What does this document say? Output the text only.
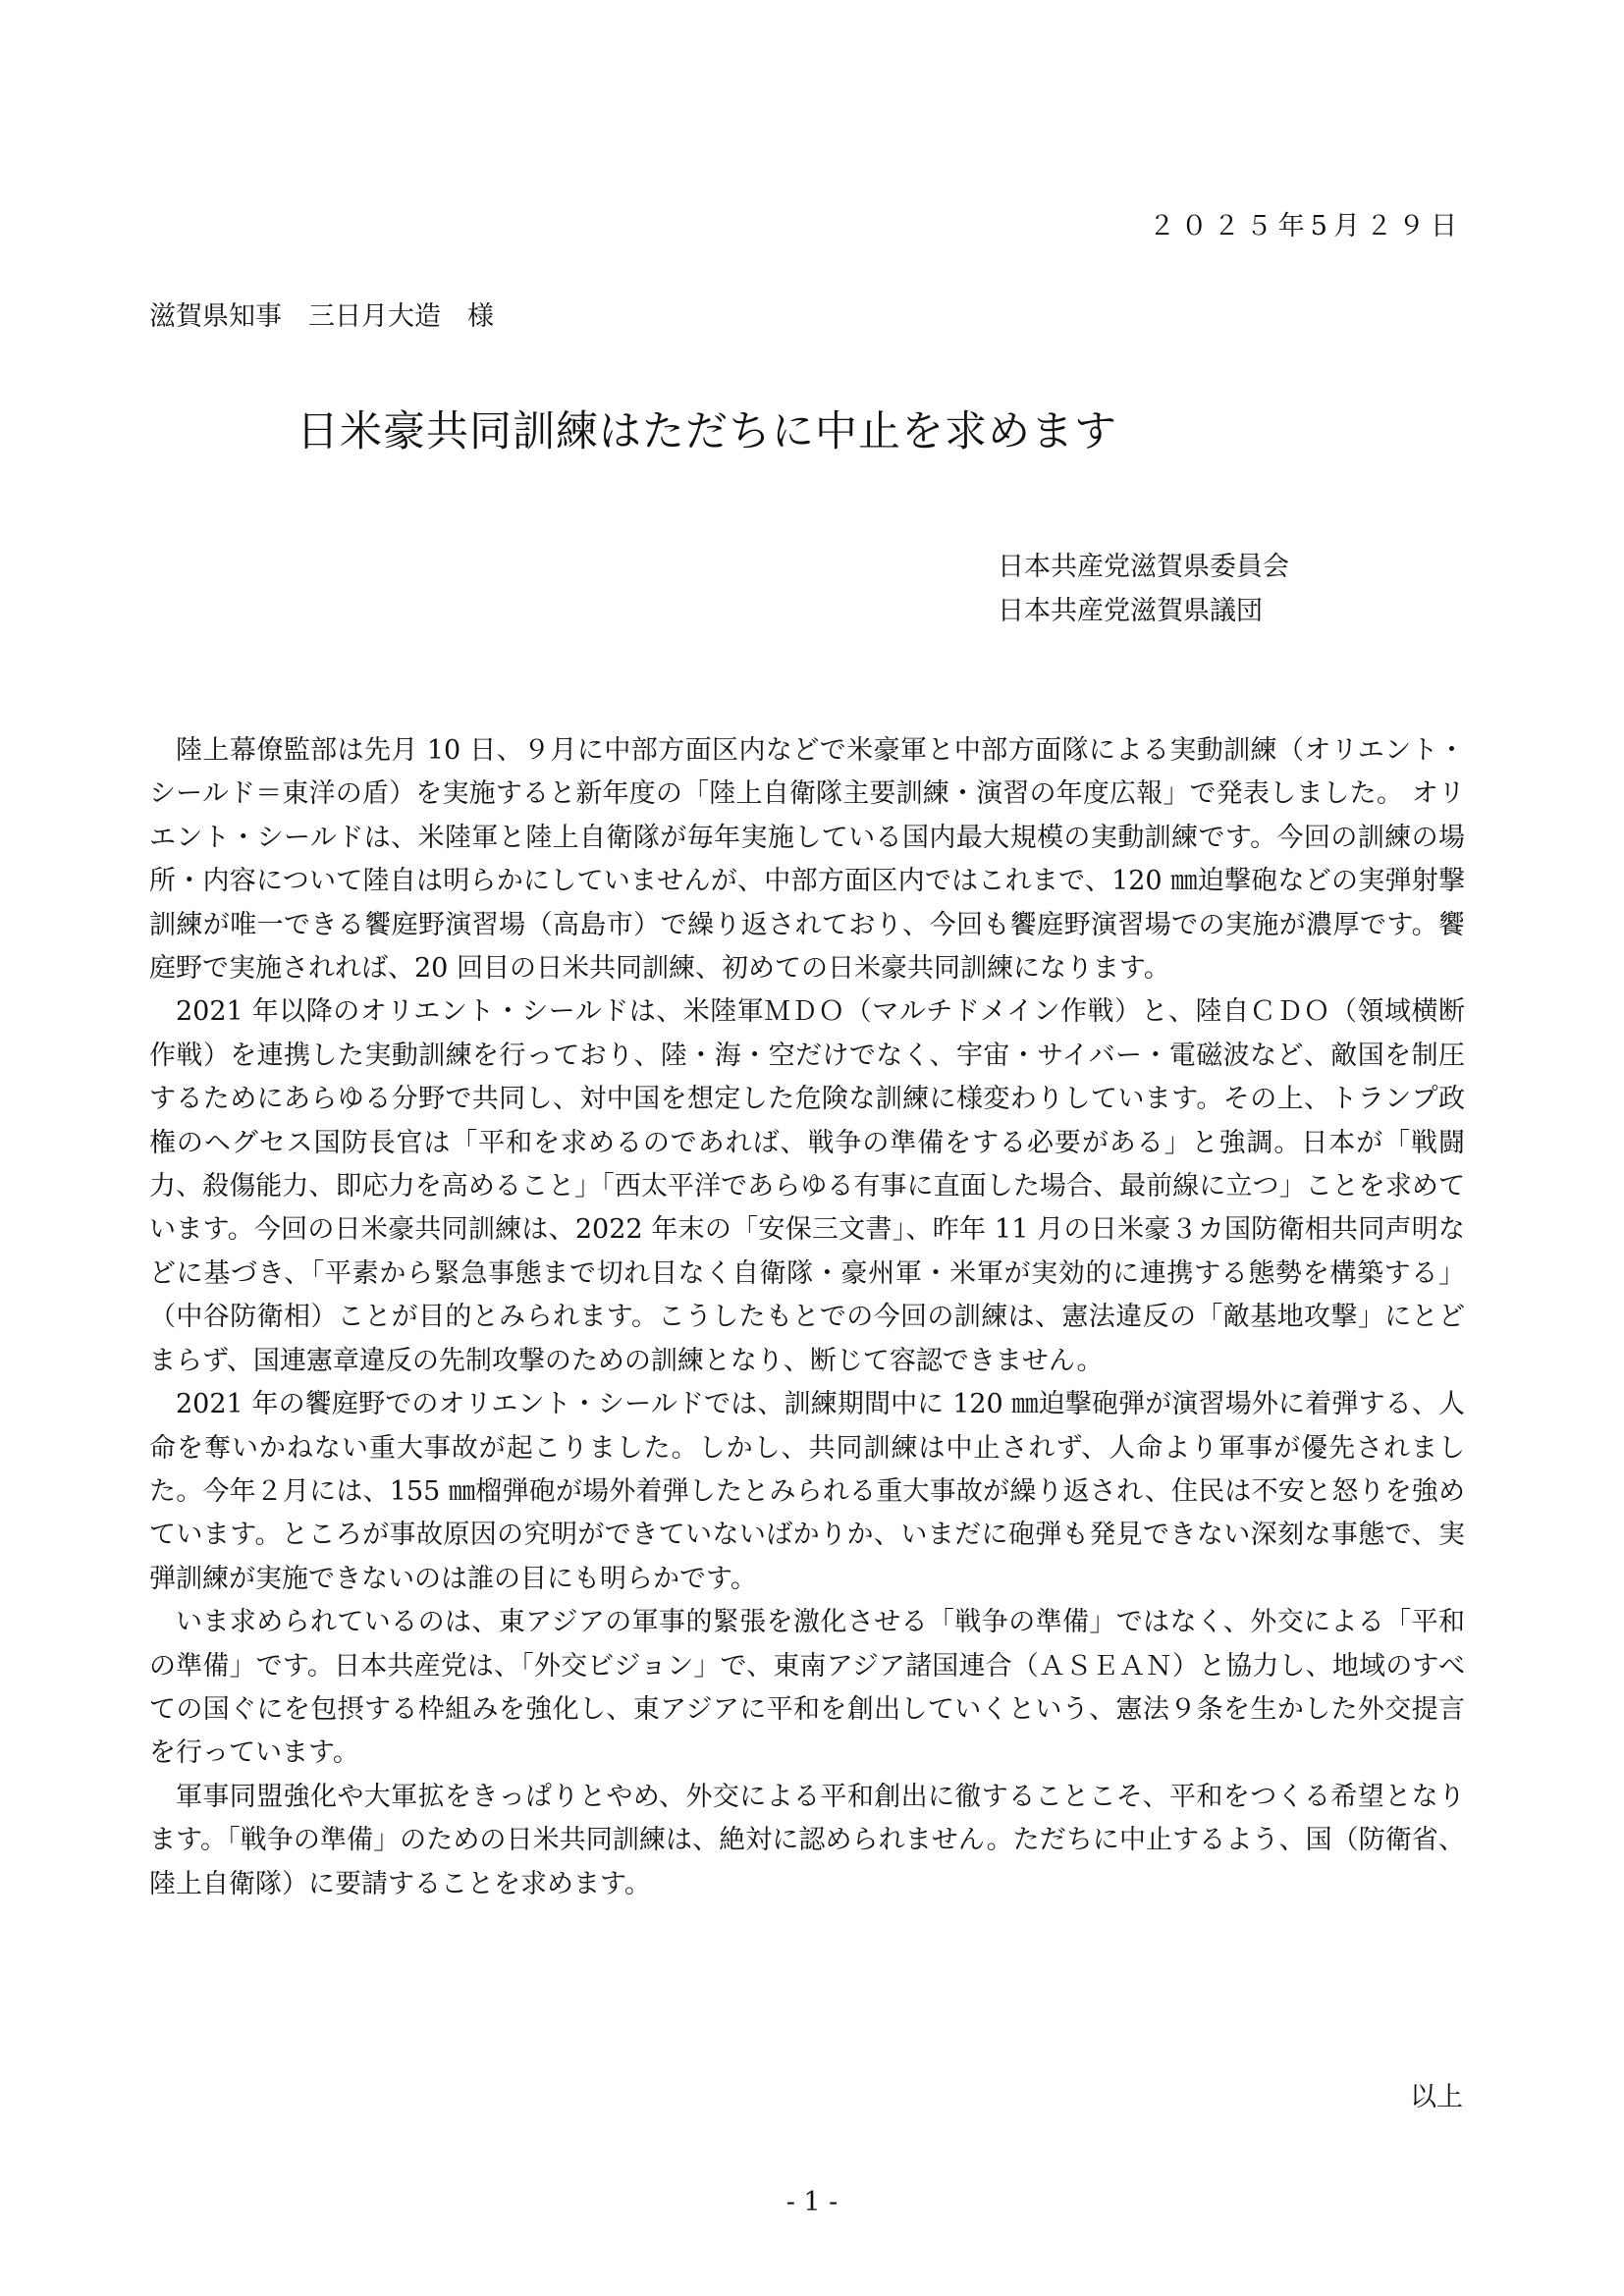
２０２５年5月２９日
滋賀県知事　三日月大造　様
日米豪共同訓練はただちに中止を求めます
日本共産党滋賀県委員会
日本共産党滋賀県議団

陸上幕僚監部は先月 10 日、９月に中部方面区内などで米豪軍と中部方面隊による実動訓練（オリエント・シールド＝東洋の盾）を実施すると新年度の「陸上自衛隊主要訓練・演習の年度広報」で発表しました。 オリエント・シールドは、米陸軍と陸上自衛隊が毎年実施している国内最大規模の実動訓練です。今回の訓練の場所・内容について陸自は明らかにしていませんが、中部方面区内ではこれまで、120 ㎜迫撃砲などの実弾射撃訓練が唯一できる饗庭野演習場（高島市）で繰り返されており、今回も饗庭野演習場での実施が濃厚です。饗庭野で実施されれば、20 回目の日米共同訓練、初めての日米豪共同訓練になります。

2021 年以降のオリエント・シールドは、米陸軍ＭＤＯ（マルチドメイン作戦）と、陸自ＣＤＯ（領域横断作戦）を連携した実動訓練を行っており、陸・海・空だけでなく、宇宙・サイバー・電磁波など、敵国を制圧するためにあらゆる分野で共同し、対中国を想定した危険な訓練に様変わりしています。その上、トランプ政権のヘグセス国防長官は「平和を求めるのであれば、戦争の準備をする必要がある」と強調。日本が「戦闘力、殺傷能力、即応力を高めること」「西太平洋であらゆる有事に直面した場合、最前線に立つ」ことを求めています。今回の日米豪共同訓練は、2022 年末の「安保三文書」、昨年 11 月の日米豪３カ国防衛相共同声明などに基づき、「平素から緊急事態まで切れ目なく自衛隊・豪州軍・米軍が実効的に連携する態勢を構築する」（中谷防衛相）ことが目的とみられます。こうしたもとでの今回の訓練は、憲法違反の「敵基地攻撃」にとどまらず、国連憲章違反の先制攻撃のための訓練となり、断じて容認できません。

2021 年の饗庭野でのオリエント・シールドでは、訓練期間中に 120 ㎜迫撃砲弾が演習場外に着弾する、人命を奪いかねない重大事故が起こりました。しかし、共同訓練は中止されず、人命より軍事が優先されました。今年２月には、155 ㎜榴弾砲が場外着弾したとみられる重大事故が繰り返され、住民は不安と怒りを強めています。ところが事故原因の究明ができていないばかりか、いまだに砲弾も発見できない深刻な事態で、実弾訓練が実施できないのは誰の目にも明らかです。

いま求められているのは、東アジアの軍事的緊張を激化させる「戦争の準備」ではなく、外交による「平和の準備」です。日本共産党は、「外交ビジョン」で、東南アジア諸国連合（ＡＳＥＡＮ）と協力し、地域のすべての国ぐにを包摂する枠組みを強化し、東アジアに平和を創出していくという、憲法９条を生かした外交提言を行っています。

軍事同盟強化や大軍拡をきっぱりとやめ、外交による平和創出に徹することこそ、平和をつくる希望となります。「戦争の準備」のための日米共同訓練は、絶対に認められません。ただちに中止するよう、国（防衛省、陸上自衛隊）に要請することを求めます。

以上
- 1 -
